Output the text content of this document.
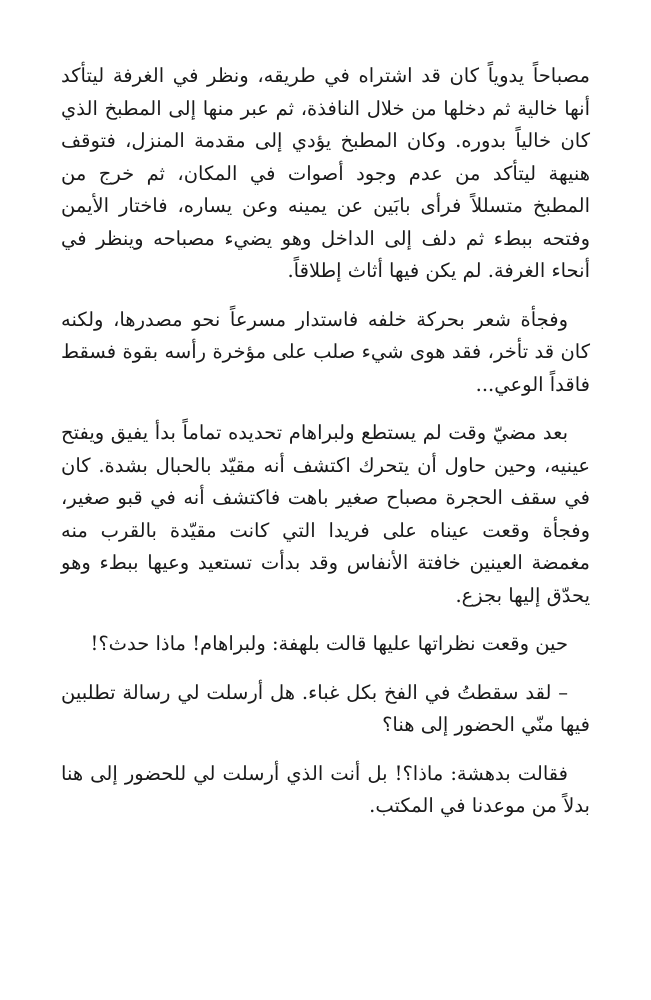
مصباحاً يدوياً كان قد اشتراه في طريقه، ونظر في الغرفة ليتأكد أنها خالية ثم دخلها من خلال النافذة، ثم عبر منها إلى المطبخ الذي كان خالياً بدوره. وكان المطبخ يؤدي إلى مقدمة المنزل، فتوقف هنيهة ليتأكد من عدم وجود أصوات في المكان، ثم خرج من المطبخ متسللاً فرأى بابَين عن يمينه وعن يساره، فاختار الأيمن وفتحه ببطء ثم دلف إلى الداخل وهو يضيء مصباحه وينظر في أنحاء الغرفة. لم يكن فيها أثاث إطلاقاً.

وفجأة شعر بحركة خلفه فاستدار مسرعاً نحو مصدرها، ولكنه كان قد تأخر، فقد هوى شيء صلب على مؤخرة رأسه بقوة فسقط فاقداً الوعي...

بعد مضيّ وقت لم يستطع ولبراهام تحديده تماماً بدأ يفيق ويفتح عينيه، وحين حاول أن يتحرك اكتشف أنه مقيّد بالحبال بشدة. كان في سقف الحجرة مصباح صغير باهت فاكتشف أنه في قبو صغير، وفجأة وقعت عيناه على فريدا التي كانت مقيّدة بالقرب منه مغمضة العينين خافتة الأنفاس وقد بدأت تستعيد وعيها ببطء وهو يحدّق إليها بجزع.

حين وقعت نظراتها عليها قالت بلهفة: ولبراهام! ماذا حدث؟!

– لقد سقطتُ في الفخ بكل غباء. هل أرسلت لي رسالة تطلبين فيها منّي الحضور إلى هنا؟

فقالت بدهشة: ماذا؟! بل أنت الذي أرسلت لي للحضور إلى هنا بدلاً من موعدنا في المكتب.
